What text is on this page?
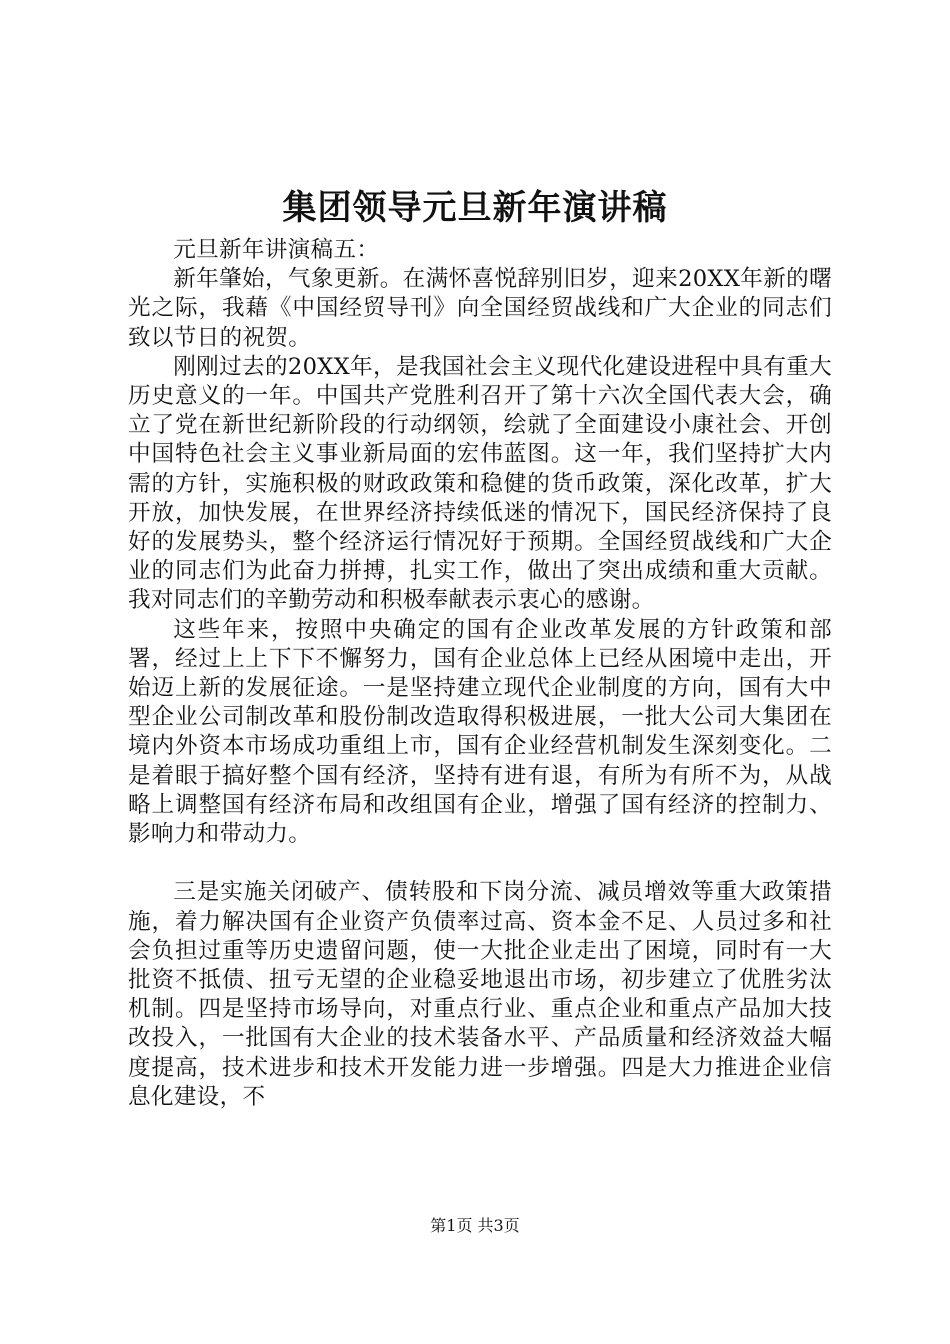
集团领导元旦新年演讲稿

元旦新年讲演稿五：

新年肇始，气象更新。在满怀喜悦辞别旧岁，迎来20XX年新的曙光之际，我藉《中国经贸导刊》向全国经贸战线和广大企业的同志们致以节日的祝贺。

刚刚过去的20XX年，是我国社会主义现代化建设进程中具有重大历史意义的一年。中国共产党胜利召开了第十六次全国代表大会，确立了党在新世纪新阶段的行动纲领，绘就了全面建设小康社会、开创中国特色社会主义事业新局面的宏伟蓝图。这一年，我们坚持扩大内需的方针，实施积极的财政政策和稳健的货币政策，深化改革，扩大开放，加快发展，在世界经济持续低迷的情况下，国民经济保持了良好的发展势头，整个经济运行情况好于预期。全国经贸战线和广大企业的同志们为此奋力拼搏，扎实工作，做出了突出成绩和重大贡献。我对同志们的辛勤劳动和积极奉献表示衷心的感谢。

这些年来，按照中央确定的国有企业改革发展的方针政策和部署，经过上上下下不懈努力，国有企业总体上已经从困境中走出，开始迈上新的发展征途。一是坚持建立现代企业制度的方向，国有大中型企业公司制改革和股份制改造取得积极进展，一批大公司大集团在境内外资本市场成功重组上市，国有企业经营机制发生深刻变化。二是着眼于搞好整个国有经济，坚持有进有退，有所为有所不为，从战略上调整国有经济布局和改组国有企业，增强了国有经济的控制力、影响力和带动力。

三是实施关闭破产、债转股和下岗分流、减员增效等重大政策措施，着力解决国有企业资产负债率过高、资本金不足、人员过多和社会负担过重等历史遗留问题，使一大批企业走出了困境，同时有一大批资不抵债、扭亏无望的企业稳妥地退出市场，初步建立了优胜劣汰机制。四是坚持市场导向，对重点行业、重点企业和重点产品加大技改投入，一批国有大企业的技术装备水平、产品质量和经济效益大幅度提高，技术进步和技术开发能力进一步增强。四是大力推进企业信息化建设，不

第1页 共3页
